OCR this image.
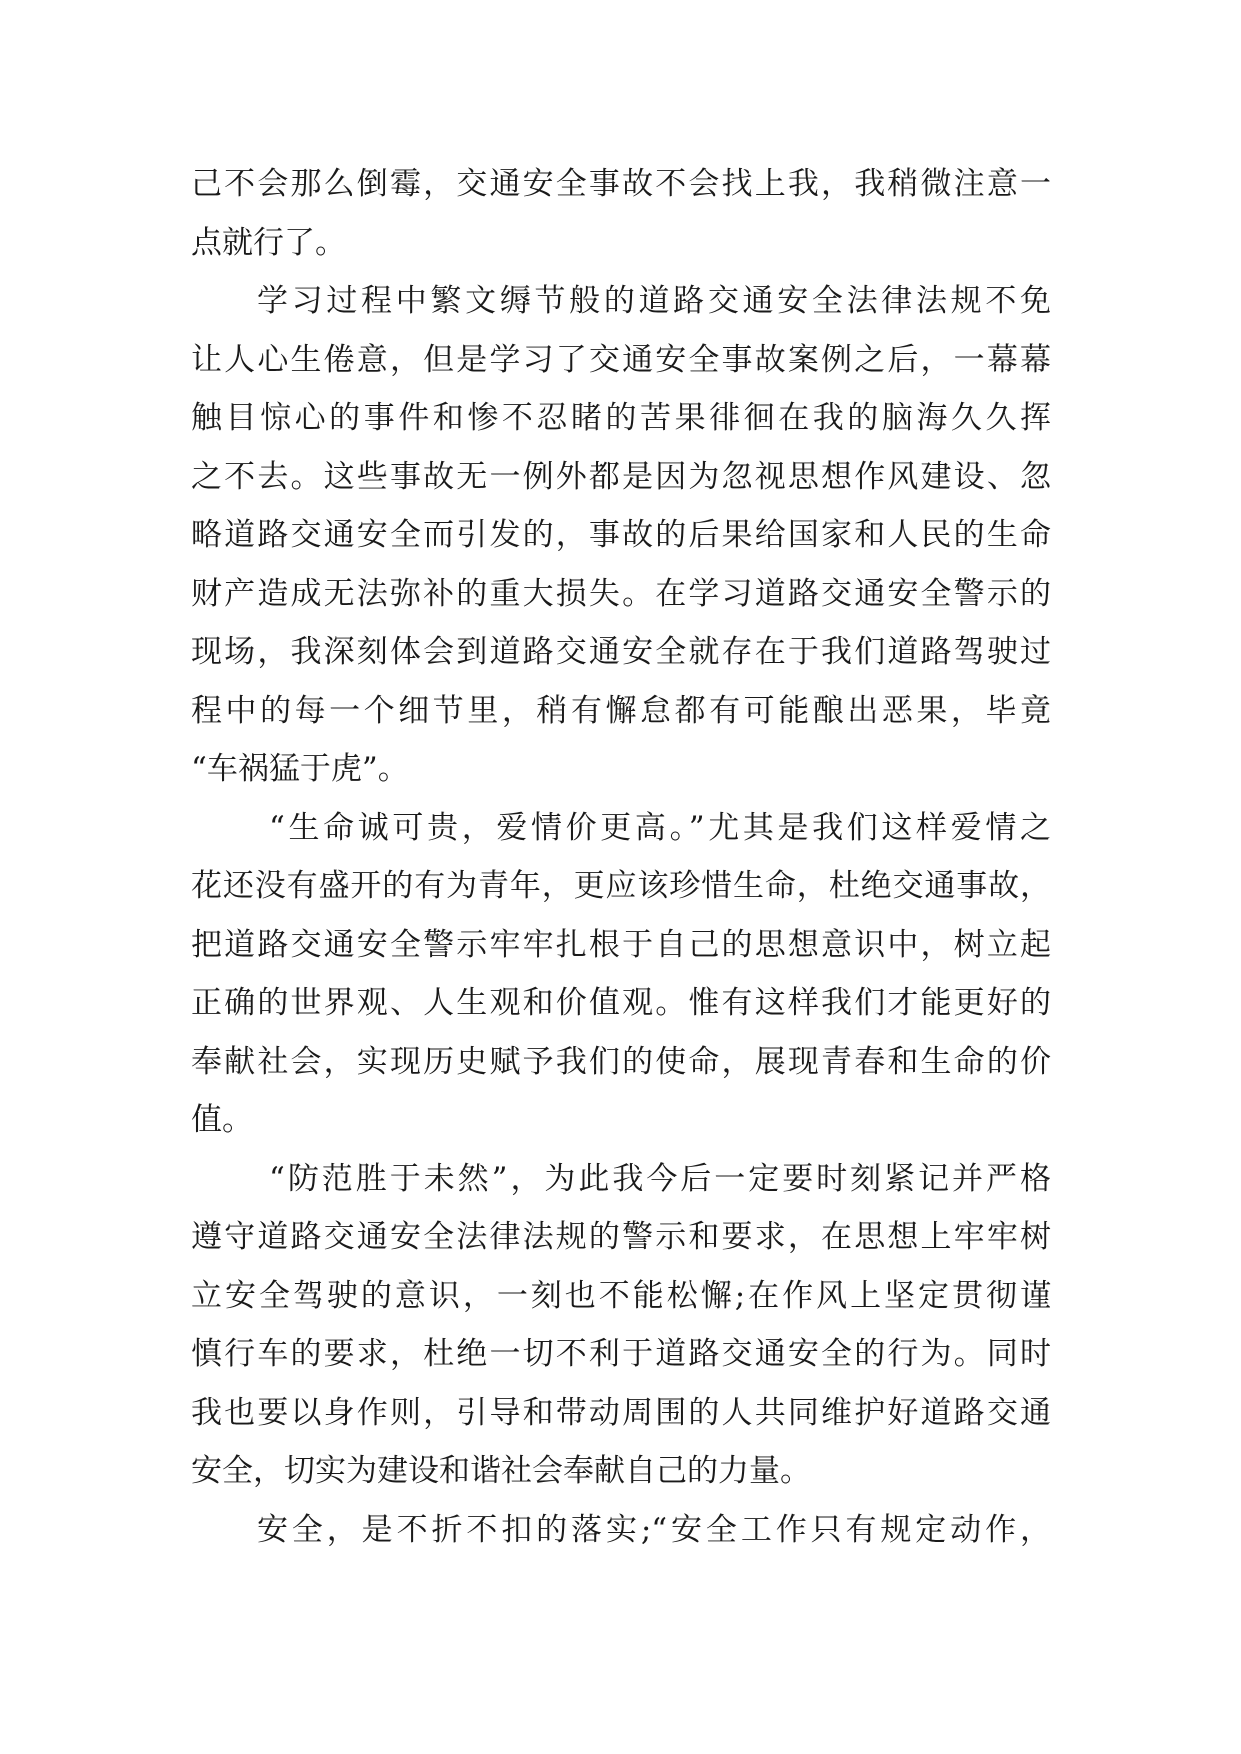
己不会那么倒霉，交通安全事故不会找上我，我稍微注意一
点就行了。
学习过程中繁文缛节般的道路交通安全法律法规不免
让人心生倦意，但是学习了交通安全事故案例之后，一幕幕
触目惊心的事件和惨不忍睹的苦果徘徊在我的脑海久久挥
之不去。这些事故无一例外都是因为忽视思想作风建设、忽
略道路交通安全而引发的，事故的后果给国家和人民的生命
财产造成无法弥补的重大损失。在学习道路交通安全警示的
现场，我深刻体会到道路交通安全就存在于我们道路驾驶过
程中的每一个细节里，稍有懈怠都有可能酿出恶果，毕竟
“车祸猛于虎”。
“生命诚可贵，爱情价更高。”尤其是我们这样爱情之
花还没有盛开的有为青年，更应该珍惜生命，杜绝交通事故，
把道路交通安全警示牢牢扎根于自己的思想意识中，树立起
正确的世界观、人生观和价值观。惟有这样我们才能更好的
奉献社会，实现历史赋予我们的使命，展现青春和生命的价
值。
“防范胜于未然”，为此我今后一定要时刻紧记并严格
遵守道路交通安全法律法规的警示和要求，在思想上牢牢树
立安全驾驶的意识，一刻也不能松懈;在作风上坚定贯彻谨
慎行车的要求，杜绝一切不利于道路交通安全的行为。同时
我也要以身作则，引导和带动周围的人共同维护好道路交通
安全，切实为建设和谐社会奉献自己的力量。
安全，是不折不扣的落实;“安全工作只有规定动作，
